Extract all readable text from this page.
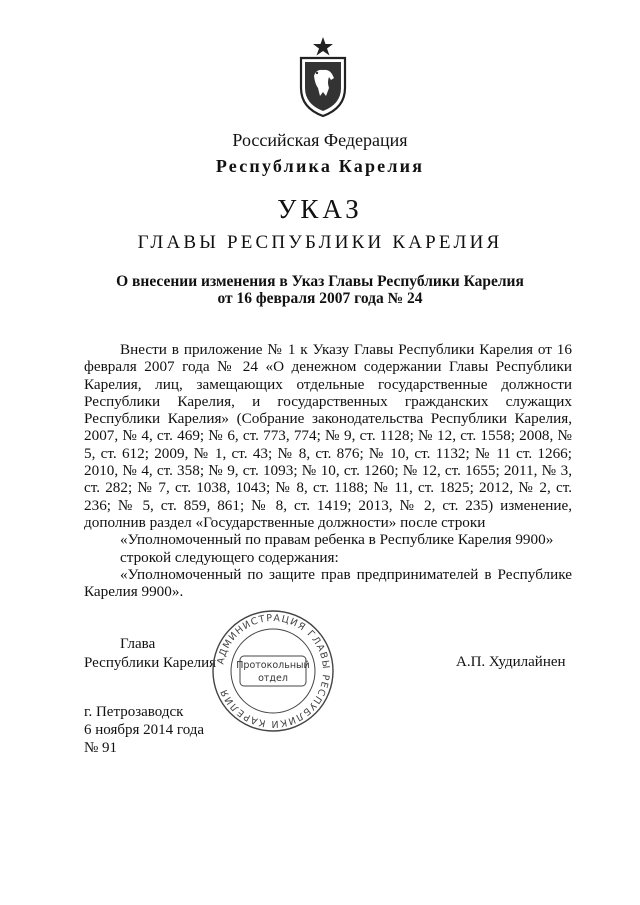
Российская Федерация
Республика Карелия
УКАЗ
ГЛАВЫ РЕСПУБЛИКИ КАРЕЛИЯ
О внесении изменения в Указ Главы Республики Карелия
от 16 февраля 2007 года № 24

Внести в приложение № 1 к Указу Главы Республики Карелия от 16 февраля 2007 года № 24 «О денежном содержании Главы Республики Карелия, лиц, замещающих отдельные государственные должности Республики Карелия, и государственных гражданских служащих Республики Карелия» (Собрание законодательства Республики Карелия, 2007, № 4, ст. 469; № 6, ст. 773, 774; № 9, ст. 1128; № 12, ст. 1558; 2008, № 5, ст. 612; 2009, № 1, ст. 43; № 8, ст. 876; № 10, ст. 1132; № 11 ст. 1266; 2010, № 4, ст. 358; № 9, ст. 1093; № 10, ст. 1260; № 12, ст. 1655; 2011, № 3, ст. 282; № 7, ст. 1038, 1043; № 8, ст. 1188; № 11, ст. 1825; 2012, № 2, ст. 236; № 5, ст. 859, 861; № 8, ст. 1419; 2013, № 2, ст. 235) изменение, дополнив раздел «Государственные должности» после строки

«Уполномоченный по правам ребенка в Республике Карелия 9900»

строкой следующего содержания:

«Уполномоченный по защите прав предпринимателей в Республике Карелия 9900».

Глава
Республики Карелия АДМИНИСТРАЦИЯ ГЛАВЫ РЕСПУБЛИКИ КАРЕЛИЯ
Протокольный
отдел
А.П. Худилайнен
г. Петрозаводск
6 ноября 2014 года
№ 91
